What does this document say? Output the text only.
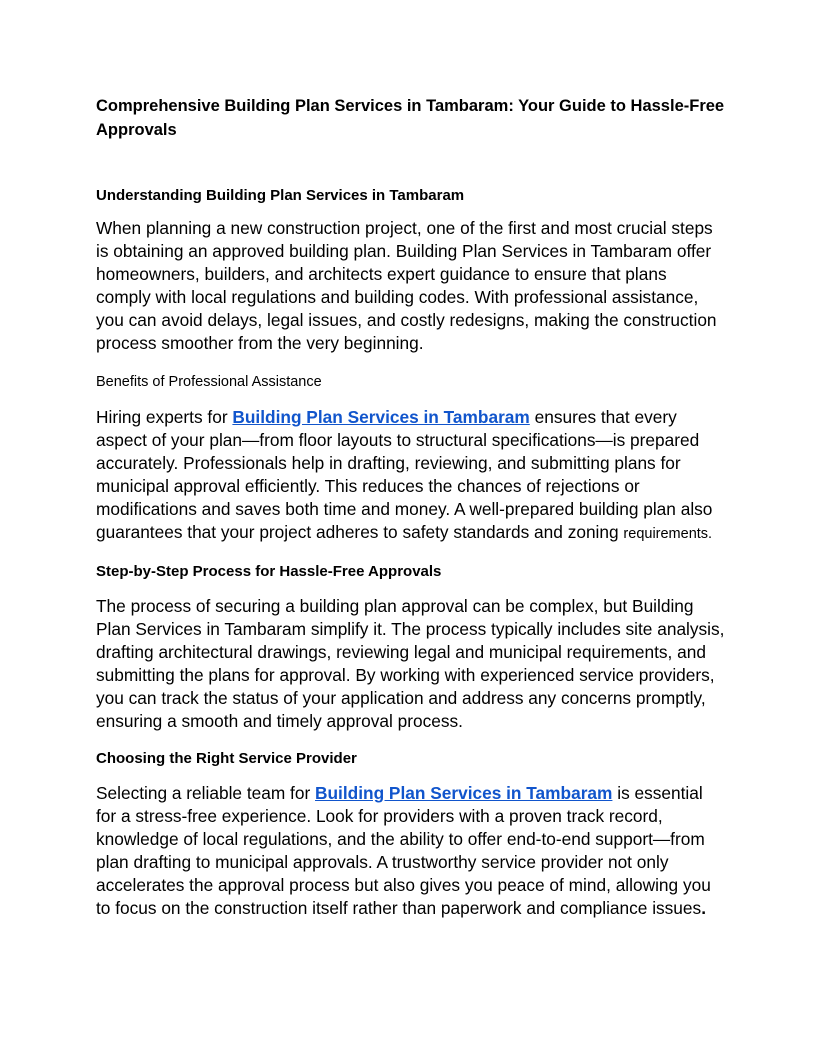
Comprehensive Building Plan Services in Tambaram: Your Guide to Hassle-Free Approvals
Understanding Building Plan Services in Tambaram

When planning a new construction project, one of the first and most crucial steps is obtaining an approved building plan. Building Plan Services in Tambaram offer homeowners, builders, and architects expert guidance to ensure that plans comply with local regulations and building codes. With professional assistance, you can avoid delays, legal issues, and costly redesigns, making the construction process smoother from the very beginning.

Benefits of Professional Assistance

Hiring experts for Building Plan Services in Tambaram ensures that every aspect of your plan—from floor layouts to structural specifications—is prepared accurately. Professionals help in drafting, reviewing, and submitting plans for municipal approval efficiently. This reduces the chances of rejections or modifications and saves both time and money. A well-prepared building plan also guarantees that your project adheres to safety standards and zoning requirements.

Step-by-Step Process for Hassle-Free Approvals

The process of securing a building plan approval can be complex, but Building Plan Services in Tambaram simplify it. The process typically includes site analysis, drafting architectural drawings, reviewing legal and municipal requirements, and submitting the plans for approval. By working with experienced service providers, you can track the status of your application and address any concerns promptly, ensuring a smooth and timely approval process.

Choosing the Right Service Provider

Selecting a reliable team for Building Plan Services in Tambaram is essential for a stress-free experience. Look for providers with a proven track record, knowledge of local regulations, and the ability to offer end-to-end support—from plan drafting to municipal approvals. A trustworthy service provider not only accelerates the approval process but also gives you peace of mind, allowing you to focus on the construction itself rather than paperwork and compliance issues.
